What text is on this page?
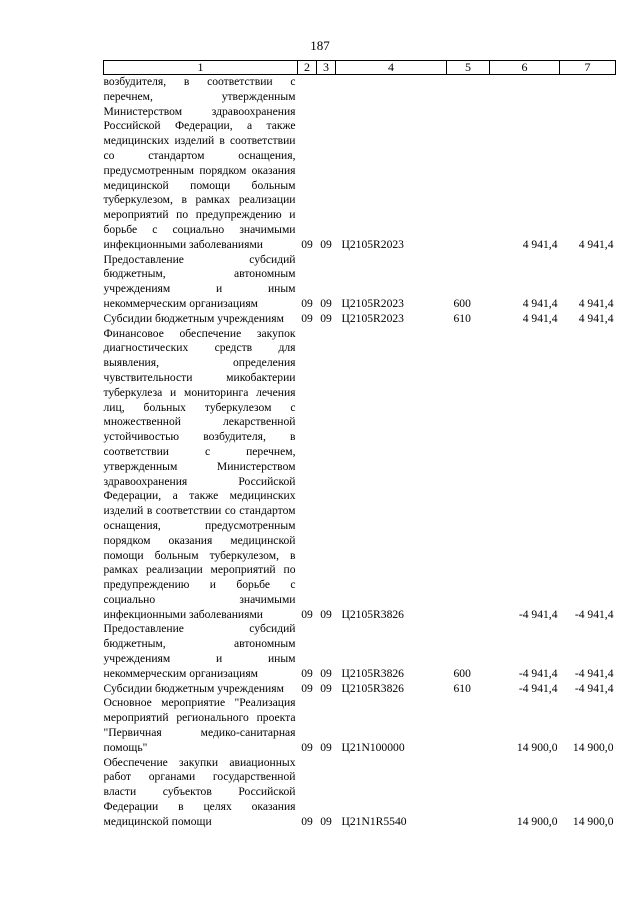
187
1	2	3	4	5	6	7
возбудителя, в соответствии с перечнем, утвержденным Министерством здравоохранения Российской Федерации, а также медицинских изделий в соответствии со стандартом оснащения, предусмотренным порядком оказания медицинской помощи больным туберкулезом, в рамках реализации мероприятий по предупреждению и борьбе с социально значимыми инфекционными заболеваниями	09	09	Ц2105R2023		4 941,4	4 941,4
Предоставление субсидий бюджетным, автономным учреждениям и иным некоммерческим организациям	09	09	Ц2105R2023	600	4 941,4	4 941,4
Субсидии бюджетным учреждениям	09	09	Ц2105R2023	610	4 941,4	4 941,4
Финансовое обеспечение закупок диагностических средств для выявления, определения чувствительности микобактерии туберкулеза и мониторинга лечения лиц, больных туберкулезом с множественной лекарственной устойчивостью возбудителя, в соответствии с перечнем, утвержденным Министерством здравоохранения Российской Федерации, а также медицинских изделий в соответствии со стандартом оснащения, предусмотренным порядком оказания медицинской помощи больным туберкулезом, в рамках реализации мероприятий по предупреждению и борьбе с социально значимыми инфекционными заболеваниями	09	09	Ц2105R3826		-4 941,4	-4 941,4
Предоставление субсидий бюджетным, автономным учреждениям и иным некоммерческим организациям	09	09	Ц2105R3826	600	-4 941,4	-4 941,4
Субсидии бюджетным учреждениям	09	09	Ц2105R3826	610	-4 941,4	-4 941,4
Основное мероприятие "Реализация мероприятий регионального проекта "Первичная медико-санитарная помощь"	09	09	Ц21N100000		14 900,0	14 900,0
Обеспечение закупки авиационных работ органами государственной власти субъектов Российской Федерации в целях оказания медицинской помощи	09	09	Ц21N1R5540		14 900,0	14 900,0
